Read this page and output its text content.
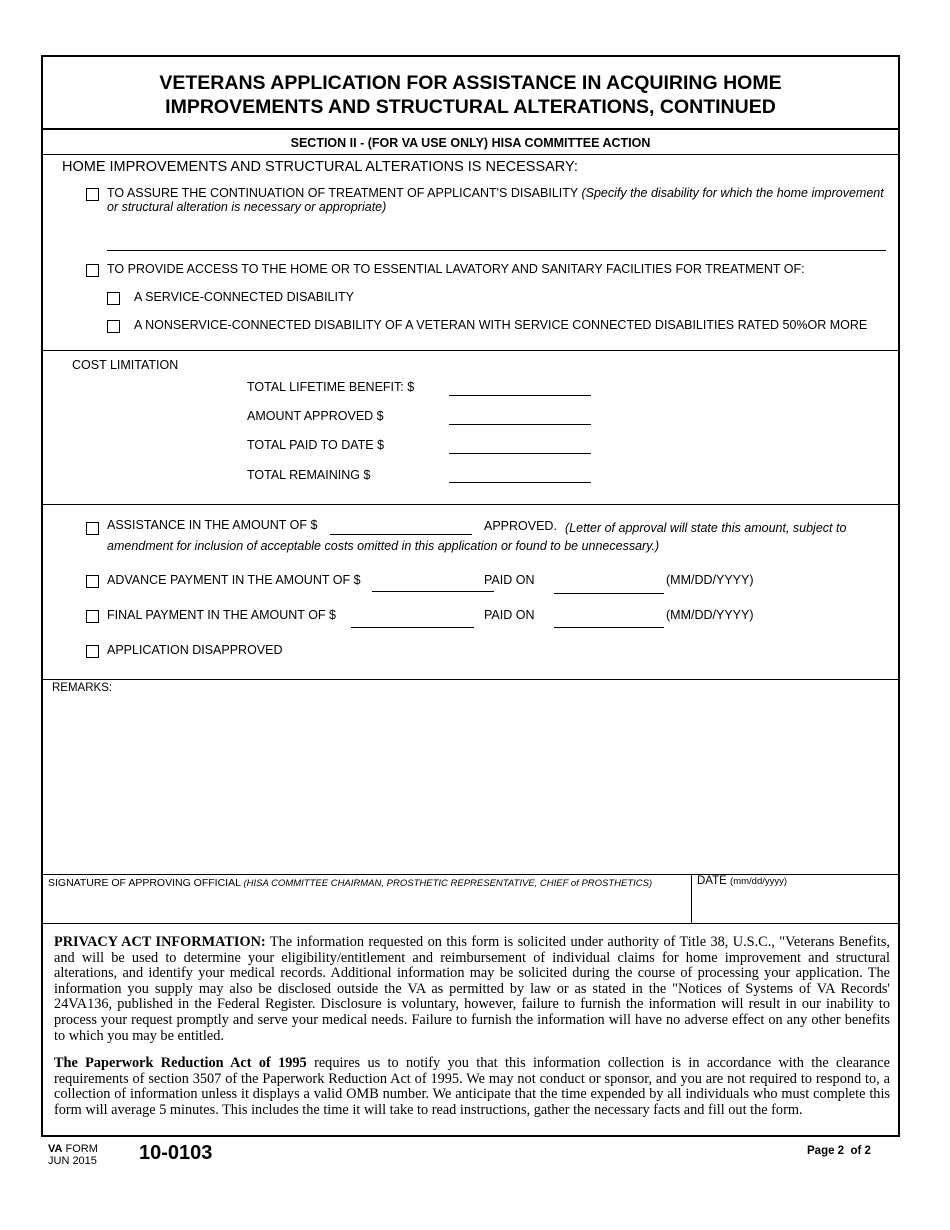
VETERANS APPLICATION FOR ASSISTANCE IN ACQUIRING HOME
IMPROVEMENTS AND STRUCTURAL ALTERATIONS, CONTINUED
SECTION II - (FOR VA USE ONLY) HISA COMMITTEE ACTION
HOME IMPROVEMENTS AND STRUCTURAL ALTERATIONS IS NECESSARY:
TO ASSURE THE CONTINUATION OF TREATMENT OF APPLICANT'S DISABILITY (Specify the disability for which the home improvement
or structural alteration is necessary or appropriate)
TO PROVIDE ACCESS TO THE HOME OR TO ESSENTIAL LAVATORY AND SANITARY FACILITIES FOR TREATMENT OF:
A SERVICE-CONNECTED DISABILITY
A NONSERVICE-CONNECTED DISABILITY OF A VETERAN WITH SERVICE CONNECTED DISABILITIES RATED 50%OR MORE
COST LIMITATION
TOTAL LIFETIME BENEFIT: $
AMOUNT APPROVED $
TOTAL PAID TO DATE $
TOTAL REMAINING $
ASSISTANCE IN THE AMOUNT OF $	APPROVED. (Letter of approval will state this amount, subject to
amendment for inclusion of acceptable costs omitted in this application or found to be unnecessary.)
ADVANCE PAYMENT IN THE AMOUNT OF $	PAID ON	(MM/DD/YYYY)
FINAL PAYMENT IN THE AMOUNT OF $	PAID ON	(MM/DD/YYYY)
APPLICATION DISAPPROVED
REMARKS:
SIGNATURE OF APPROVING OFFICIAL (HISA COMMITTEE CHAIRMAN, PROSTHETIC REPRESENTATIVE, CHIEF of PROSTHETICS)	DATE (mm/dd/yyyy)
PRIVACY ACT INFORMATION: The information requested on this form is solicited under authority of Title 38, U.S.C., "Veterans Benefits, and will be used to determine your eligibility/entitlement and reimbursement of individual claims for home improvement and structural alterations, and identify your medical records. Additional information may be solicited during the course of processing your application. The information you supply may also be disclosed outside the VA as permitted by law or as stated in the "Notices of Systems of VA Records' 24VA136, published in the Federal Register. Disclosure is voluntary, however, failure to furnish the information will result in our inability to process your request promptly and serve your medical needs. Failure to furnish the information will have no adverse effect on any other benefits to which you may be entitled.
The Paperwork Reduction Act of 1995 requires us to notify you that this information collection is in accordance with the clearance requirements of section 3507 of the Paperwork Reduction Act of 1995. We may not conduct or sponsor, and you are not required to respond to, a collection of information unless it displays a valid OMB number. We anticipate that the time expended by all individuals who must complete this form will average 5 minutes. This includes the time it will take to read instructions, gather the necessary facts and fill out the form.
VA FORM
JUN 2015 10-0103	Page 2  of 2
